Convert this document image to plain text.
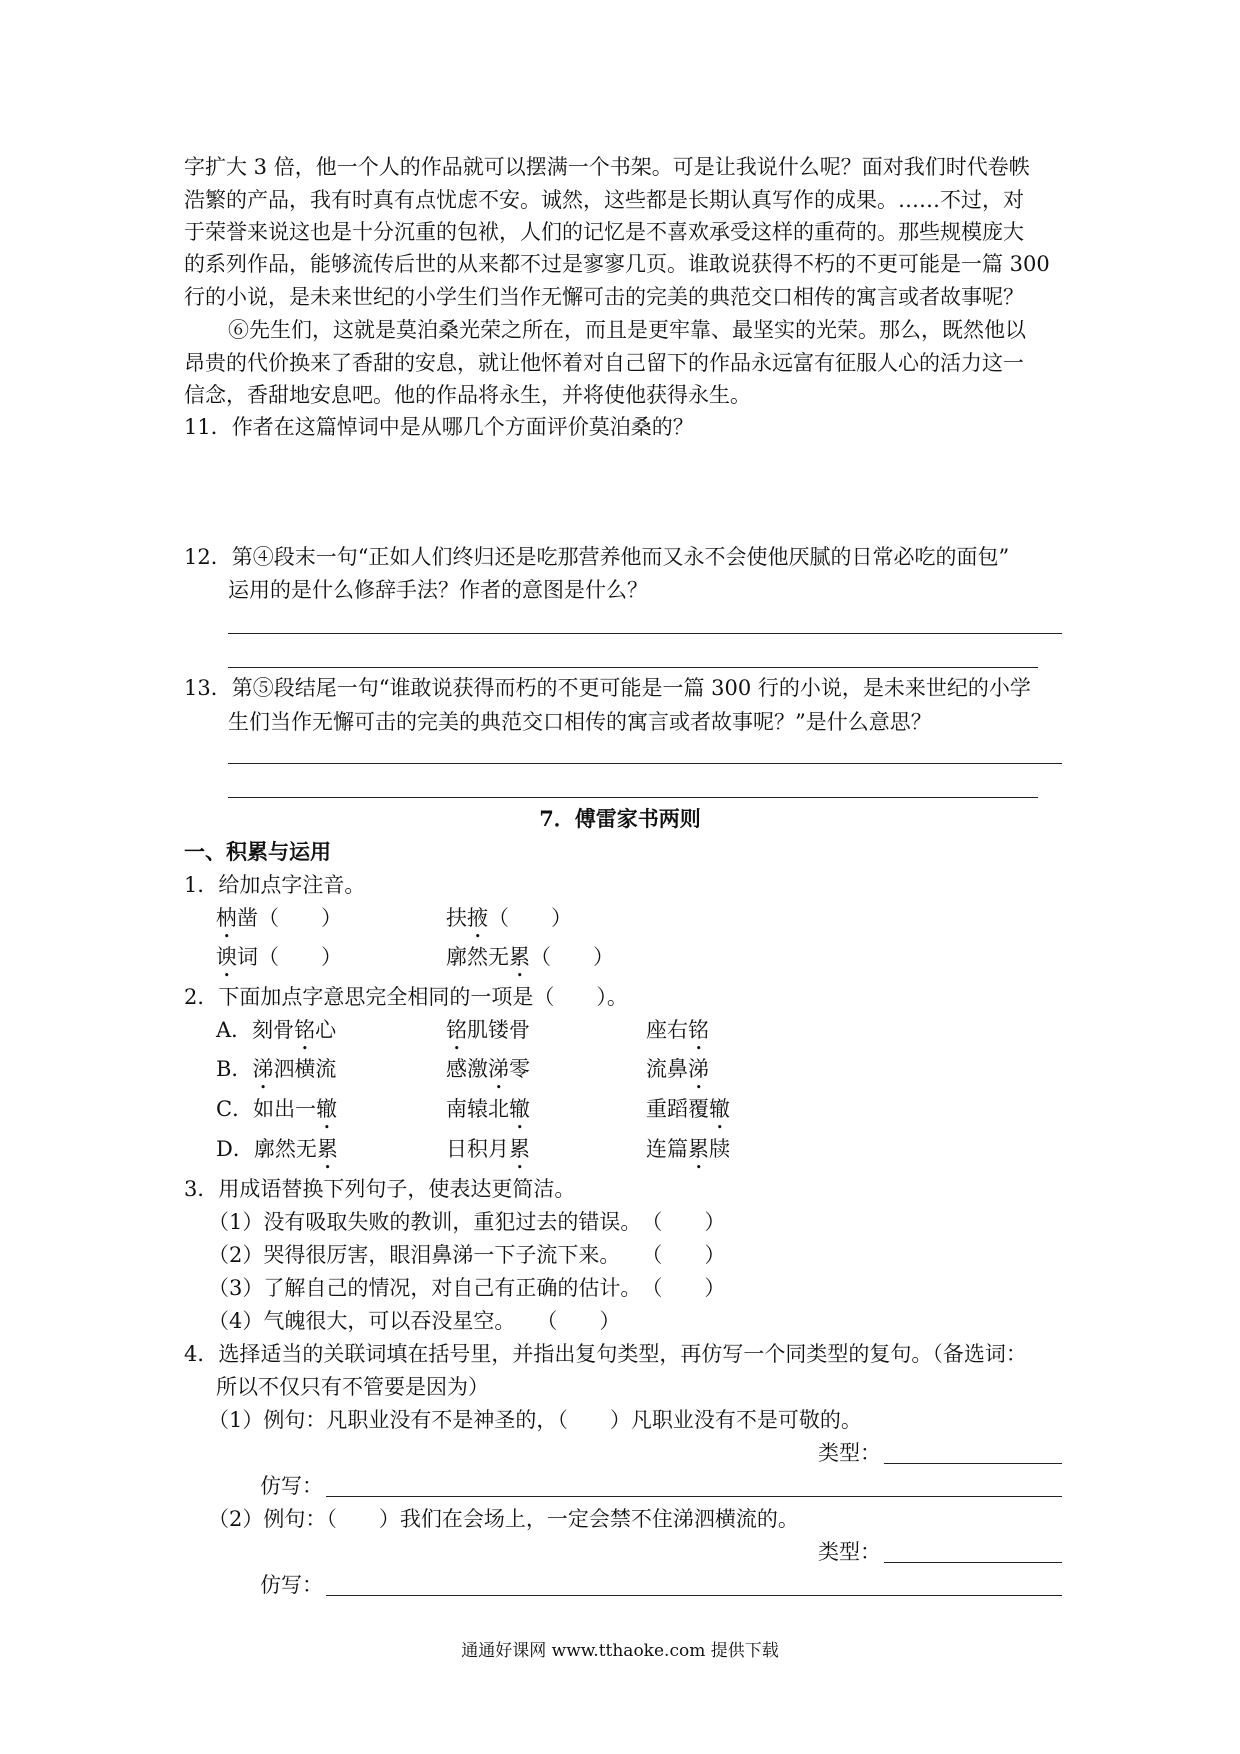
字扩大 3 倍，他一个人的作品就可以摆满一个书架。可是让我说什么呢？面对我们时代卷帙
浩繁的产品，我有时真有点忧虑不安。诚然，这些都是长期认真写作的成果。……不过，对
于荣誉来说这也是十分沉重的包袱，人们的记忆是不喜欢承受这样的重荷的。那些规模庞大
的系列作品，能够流传后世的从来都不过是寥寥几页。谁敢说获得不朽的不更可能是一篇 300
行的小说，是未来世纪的小学生们当作无懈可击的完美的典范交口相传的寓言或者故事呢？
⑥先生们，这就是莫泊桑光荣之所在，而且是更牢靠、最坚实的光荣。那么，既然他以
昂贵的代价换来了香甜的安息，就让他怀着对自己留下的作品永远富有征服人心的活力这一
信念，香甜地安息吧。他的作品将永生，并将使他获得永生。
11．作者在这篇悼词中是从哪几个方面评价莫泊桑的？
12．第④段末一句“正如人们终归还是吃那营养他而又永不会使他厌腻的日常必吃的面包”
运用的是什么修辞手法？作者的意图是什么？
13．第⑤段结尾一句“谁敢说获得而朽的不更可能是一篇 300 行的小说，是未来世纪的小学
生们当作无懈可击的完美的典范交口相传的寓言或者故事呢？”是什么意思？
7．傅雷家书两则
一、积累与运用
1．给加点字注音。
枘凿（　　）	扶掖（　　）
谀词（　　）	廓然无累（　　）
2．下面加点字意思完全相同的一项是（　　）。
A．刻骨铭心	铭肌镂骨	座右铭
B．涕泗横流	感激涕零	流鼻涕
C．如出一辙	南辕北辙	重蹈覆辙
D．廓然无累	日积月累	连篇累牍
3．用成语替换下列句子，使表达更简洁。
（1）没有吸取失败的教训，重犯过去的错误。　（　　）
（2）哭得很厉害，眼泪鼻涕一下子流下来。　　（　　）
（3）了解自己的情况，对自己有正确的估计。　（　　）
（4）气魄很大，可以吞没星空。　　（　　）
4．选择适当的关联词填在括号里，并指出复句类型，再仿写一个同类型的复句。（备选词：
所以不仅只有不管要是因为）
（1）例句：凡职业没有不是神圣的，（　　）凡职业没有不是可敬的。
类型：
仿写：
（2）例句：（　　）我们在会场上，一定会禁不住涕泗横流的。
类型：
仿写：
通通好课网 www.tthaoke.com 提供下载
